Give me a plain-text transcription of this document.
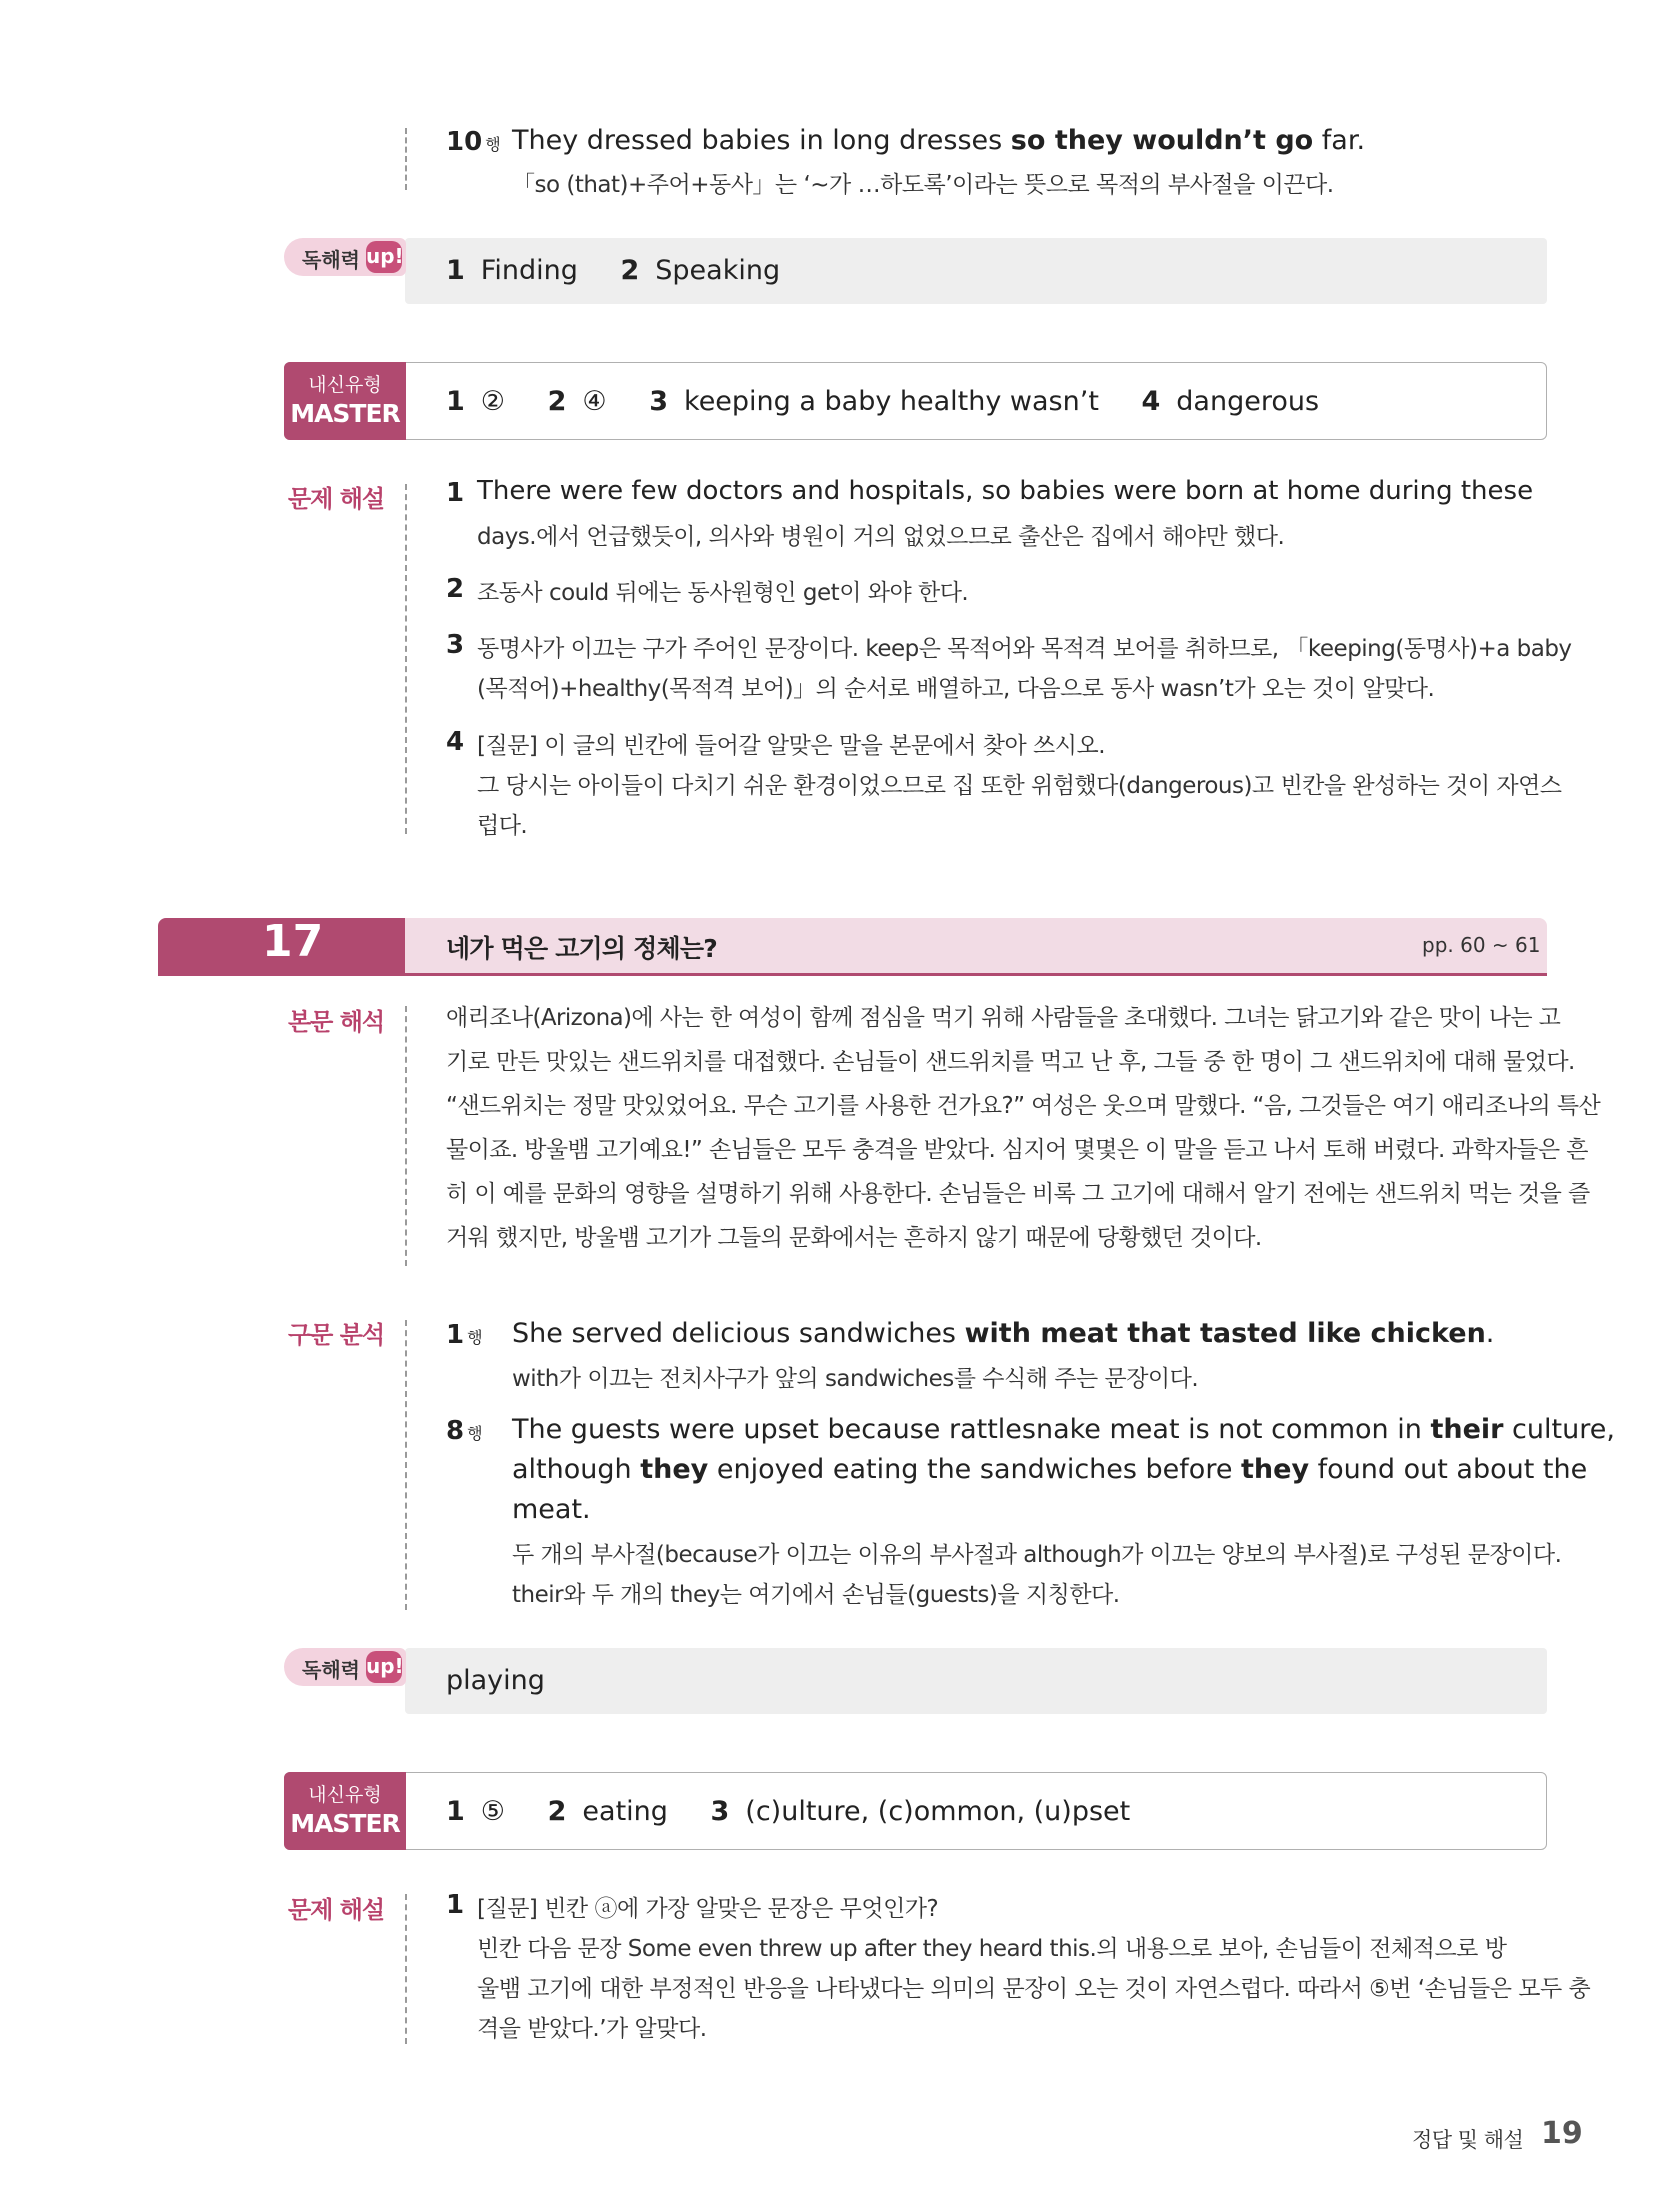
10 행 They dressed babies in long dresses so they wouldn’t go far.
「so (that)+주어+동사」는 ‘~가 …하도록’이라는 뜻으로 목적의 부사절을 이끈다.
독해력 up! 1 Finding 2 Speaking
내신유형
MASTER 1 ② 2 ④ 3 keeping a baby healthy wasn’t 4 dangerous
문제 해설 1 There were few doctors and hospitals, so babies were born at home during these
days.에서 언급했듯이, 의사와 병원이 거의 없었으므로 출산은 집에서 해야만 했다.
2 조동사 could 뒤에는 동사원형인 get이 와야 한다.
3 동명사가 이끄는 구가 주어인 문장이다. keep은 목적어와 목적격 보어를 취하므로, 「keeping(동명사)+a baby
(목적어)+healthy(목적격 보어)」의 순서로 배열하고, 다음으로 동사 wasn’t가 오는 것이 알맞다.
4 [질문] 이 글의 빈칸에 들어갈 알맞은 말을 본문에서 찾아 쓰시오.
그 당시는 아이들이 다치기 쉬운 환경이었으므로 집 또한 위험했다(dangerous)고 빈칸을 완성하는 것이 자연스
럽다.
17	네가 먹은 고기의 정체는?	pp. 60 ~ 61
본문 해석	애리조나(Arizona)에 사는 한 여성이 함께 점심을 먹기 위해 사람들을 초대했다. 그녀는 닭고기와 같은 맛이 나는 고
기로 만든 맛있는 샌드위치를 대접했다. 손님들이 샌드위치를 먹고 난 후, 그들 중 한 명이 그 샌드위치에 대해 물었다.
“샌드위치는 정말 맛있었어요. 무슨 고기를 사용한 건가요?” 여성은 웃으며 말했다. “음, 그것들은 여기 애리조나의 특산
물이죠. 방울뱀 고기예요!” 손님들은 모두 충격을 받았다. 심지어 몇몇은 이 말을 듣고 나서 토해 버렸다. 과학자들은 흔
히 이 예를 문화의 영향을 설명하기 위해 사용한다. 손님들은 비록 그 고기에 대해서 알기 전에는 샌드위치 먹는 것을 즐
거워 했지만, 방울뱀 고기가 그들의 문화에서는 흔하지 않기 때문에 당황했던 것이다.
구문 분석 1 행 She served delicious sandwiches with meat that tasted like chicken.
with가 이끄는 전치사구가 앞의 sandwiches를 수식해 주는 문장이다.
8 행 The guests were upset because rattlesnake meat is not common in their culture,
although they enjoyed eating the sandwiches before they found out about the
meat.
두 개의 부사절(because가 이끄는 이유의 부사절과 although가 이끄는 양보의 부사절)로 구성된 문장이다.
their와 두 개의 they는 여기에서 손님들(guests)을 지칭한다.
독해력 up! playing
내신유형
MASTER 1 ⑤ 2 eating 3 (c)ulture, (c)ommon, (u)pset
문제 해설 1 [질문] 빈칸 ⓐ에 가장 알맞은 문장은 무엇인가?
빈칸 다음 문장 Some even threw up after they heard this.의 내용으로 보아, 손님들이 전체적으로 방
울뱀 고기에 대한 부정적인 반응을 나타냈다는 의미의 문장이 오는 것이 자연스럽다. 따라서 ⑤번 ‘손님들은 모두 충
격을 받았다.’가 알맞다.
정답 및 해설 19
